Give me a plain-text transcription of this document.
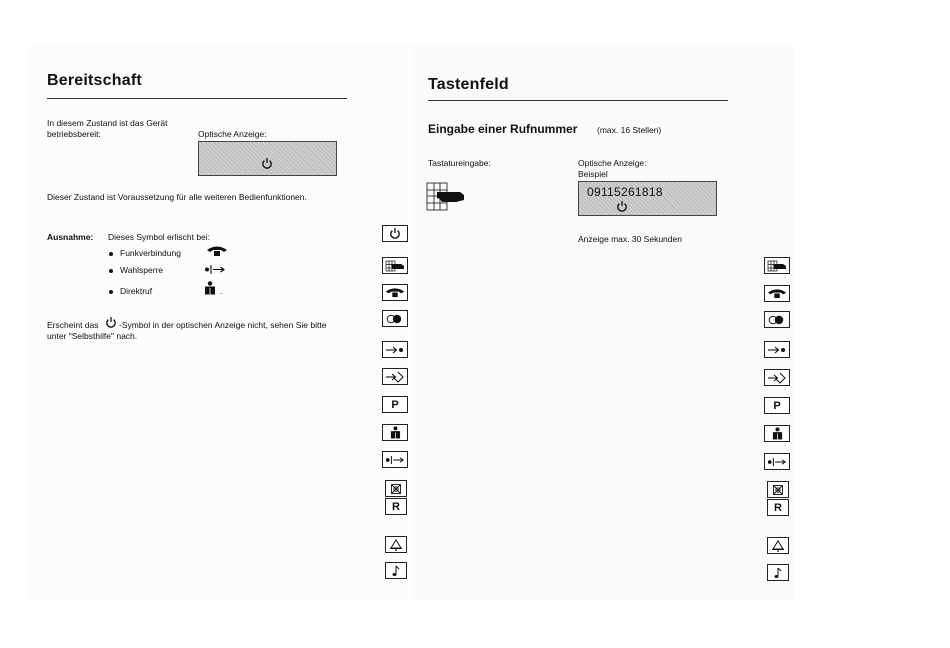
Bereitschaft
In diesem Zustand ist das Gerät
betriebsbereit:	Optische Anzeige:
Dieser Zustand ist Voraussetzung für alle weiteren Bedienfunktionen.
Ausnahme: Dieses Symbol erlischt bei:
Funkverbindung
Wahlsperre
Direktruf	.
Erscheint das -Symbol in der optischen Anzeige nicht, sehen Sie bitte
unter "Selbsthilfe" nach.
Tastenfeld
Eingabe einer Rufnummer (max. 16 Stellen)
Tastatureingabe:	Optische Anzeige:
Beispiel
09115261818
Anzeige max. 30 Sekunden
P
R
P
R
